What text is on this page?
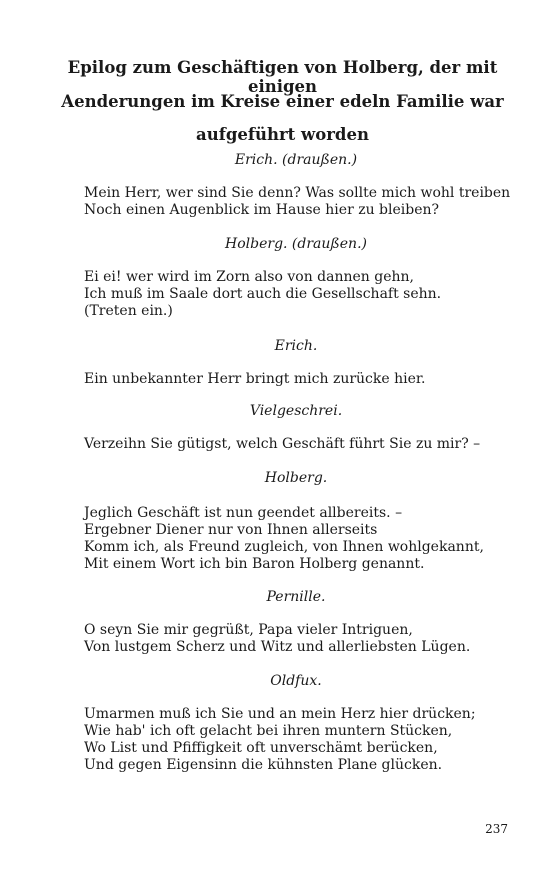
Epilog zum Geschäftigen von Holberg, der mit einigen

Aenderungen im Kreise einer edeln Familie war

aufgeführt worden

Erich. (draußen.)

Mein Herr, wer sind Sie denn? Was sollte mich wohl treiben
Noch einen Augenblick im Hause hier zu bleiben?

Holberg. (draußen.)

Ei ei! wer wird im Zorn also von dannen gehn,
Ich muß im Saale dort auch die Gesellschaft sehn.
(Treten ein.)

Erich.

Ein unbekannter Herr bringt mich zurücke hier.

Vielgeschrei.

Verzeihn Sie gütigst, welch Geschäft führt Sie zu mir? –

Holberg.

Jeglich Geschäft ist nun geendet allbereits. –
Ergebner Diener nur von Ihnen allerseits
Komm ich, als Freund zugleich, von Ihnen wohlgekannt,
Mit einem Wort ich bin Baron Holberg genannt.

Pernille.

O seyn Sie mir gegrüßt, Papa vieler Intriguen,
Von lustgem Scherz und Witz und allerliebsten Lügen.

Oldfux.

Umarmen muß ich Sie und an mein Herz hier drücken;
Wie hab' ich oft gelacht bei ihren muntern Stücken,
Wo List und Pfiffigkeit oft unverschämt berücken,
Und gegen Eigensinn die kühnsten Plane glücken.
237
